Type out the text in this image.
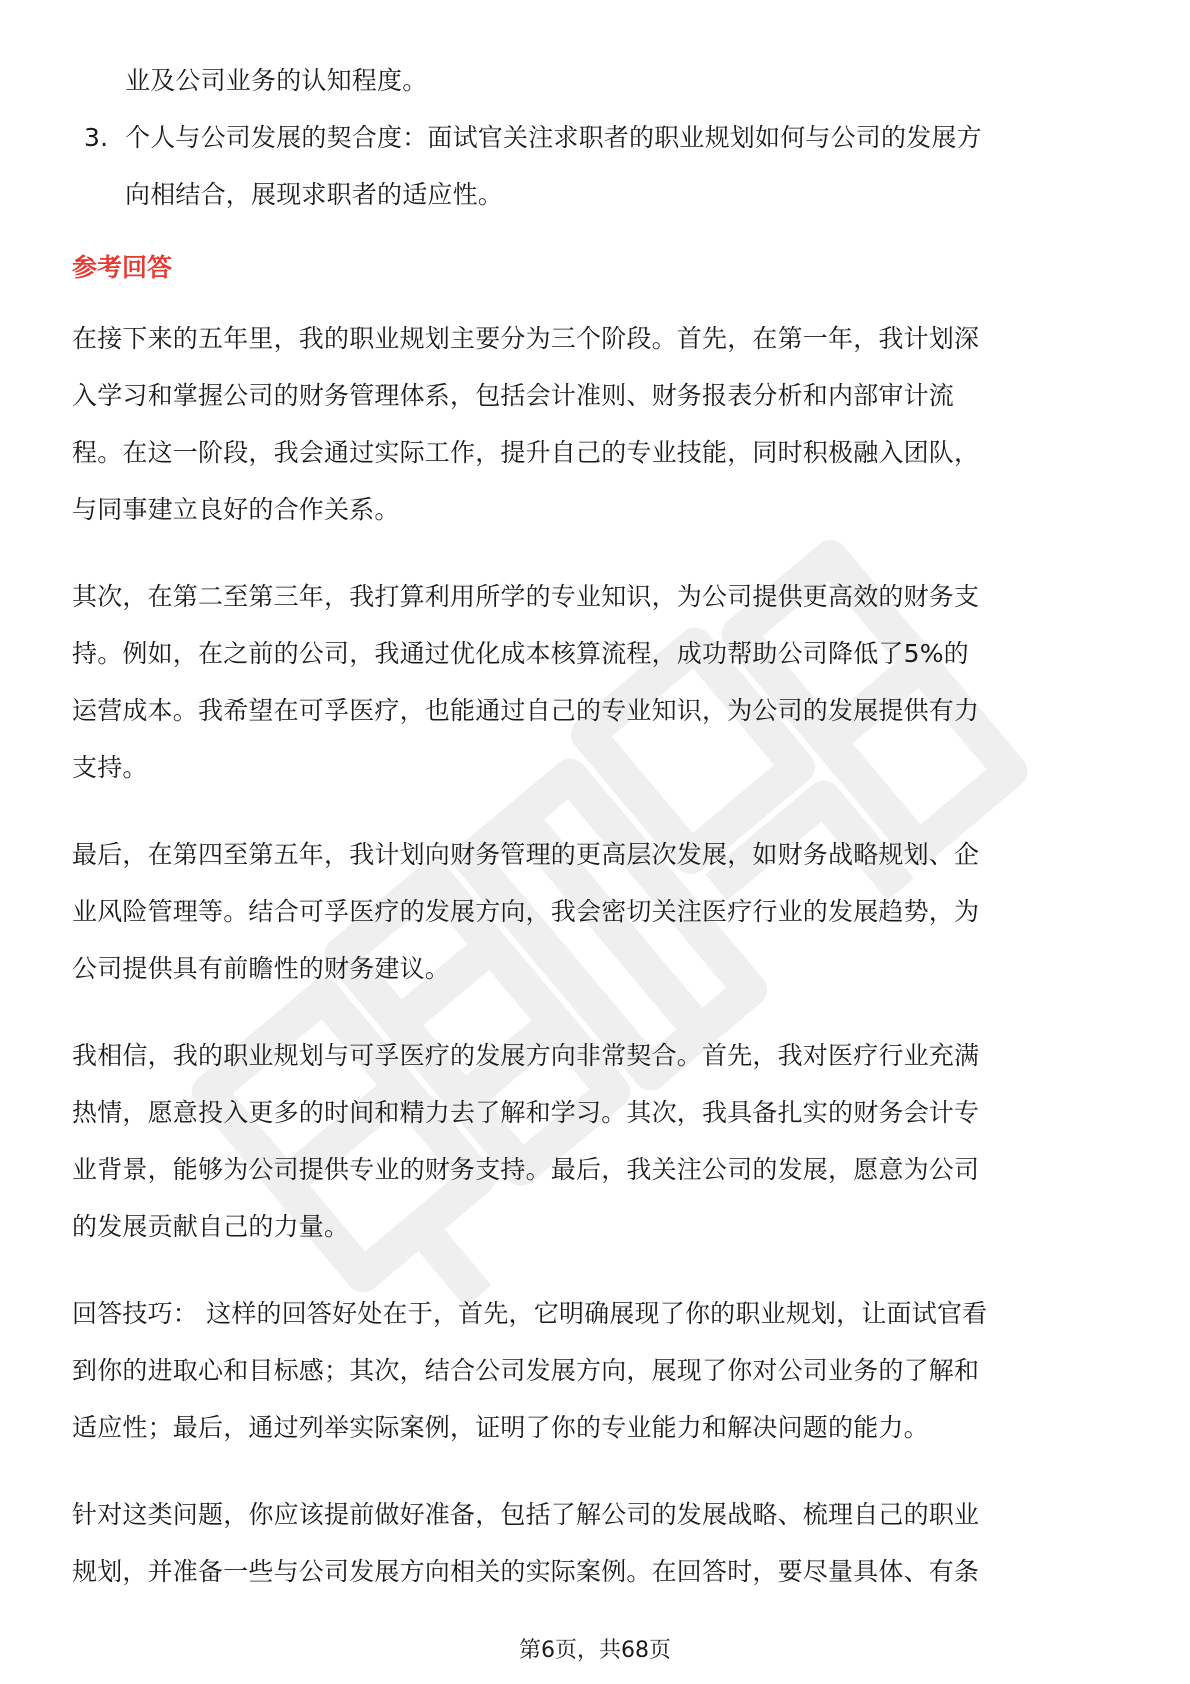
业及公司业务的认知程度。
3. 个人与公司发展的契合度：面试官关注求职者的职业规划如何与公司的发展方
向相结合，展现求职者的适应性。
参考回答
在接下来的五年里，我的职业规划主要分为三个阶段。首先，在第一年，我计划深
入学习和掌握公司的财务管理体系，包括会计准则、财务报表分析和内部审计流
程。在这一阶段，我会通过实际工作，提升自己的专业技能，同时积极融入团队，
与同事建立良好的合作关系。
其次，在第二至第三年，我打算利用所学的专业知识，为公司提供更高效的财务支
持。例如，在之前的公司，我通过优化成本核算流程，成功帮助公司降低了5%的
运营成本。我希望在可孚医疗，也能通过自己的专业知识，为公司的发展提供有力
支持。
最后，在第四至第五年，我计划向财务管理的更高层次发展，如财务战略规划、企
业风险管理等。结合可孚医疗的发展方向，我会密切关注医疗行业的发展趋势，为
公司提供具有前瞻性的财务建议。
我相信，我的职业规划与可孚医疗的发展方向非常契合。首先，我对医疗行业充满
热情，愿意投入更多的时间和精力去了解和学习。其次，我具备扎实的财务会计专
业背景，能够为公司提供专业的财务支持。最后，我关注公司的发展，愿意为公司
的发展贡献自己的力量。
回答技巧： 这样的回答好处在于，首先，它明确展现了你的职业规划，让面试官看
到你的进取心和目标感；其次，结合公司发展方向，展现了你对公司业务的了解和
适应性；最后，通过列举实际案例，证明了你的专业能力和解决问题的能力。
针对这类问题，你应该提前做好准备，包括了解公司的发展战略、梳理自己的职业
规划，并准备一些与公司发展方向相关的实际案例。在回答时，要尽量具体、有条
第6页，共68页
